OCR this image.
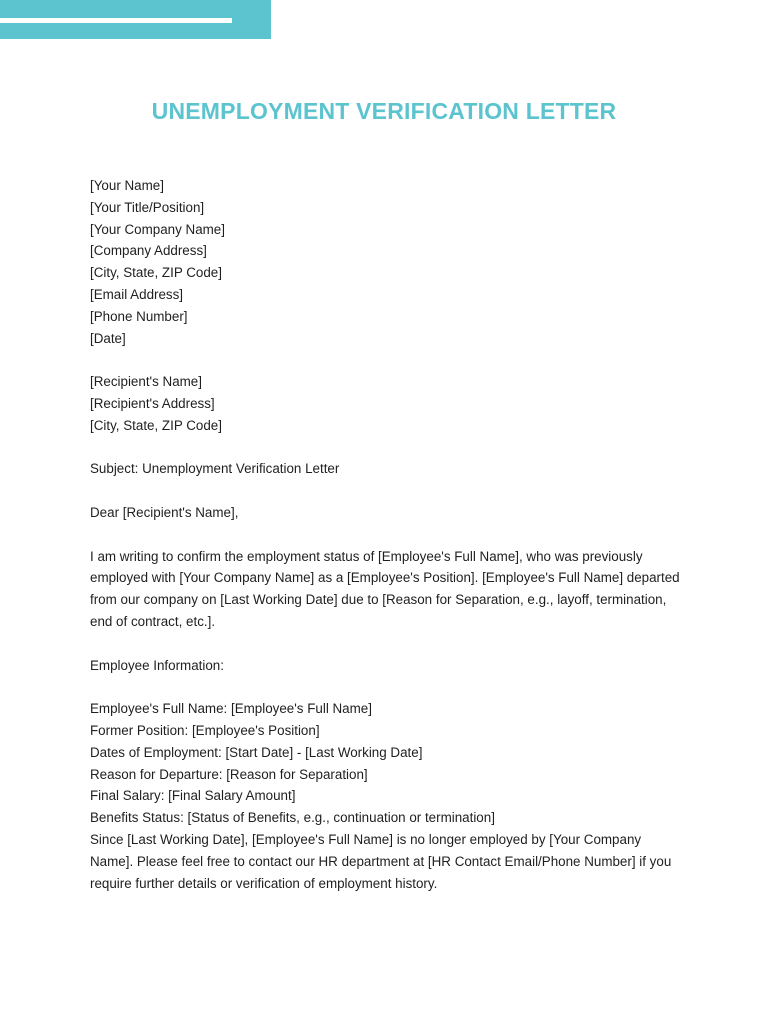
UNEMPLOYMENT VERIFICATION LETTER
[Your Name]
[Your Title/Position]
[Your Company Name]
[Company Address]
[City, State, ZIP Code]
[Email Address]
[Phone Number]
[Date]
[Recipient's Name]
[Recipient's Address]
[City, State, ZIP Code]
Subject: Unemployment Verification Letter
Dear [Recipient's Name],

I am writing to confirm the employment status of [Employee's Full Name], who was previously employed with [Your Company Name] as a [Employee's Position]. [Employee's Full Name] departed from our company on [Last Working Date] due to [Reason for Separation, e.g., layoff, termination, end of contract, etc.].

Employee Information:
Employee's Full Name: [Employee's Full Name]
Former Position: [Employee's Position]
Dates of Employment: [Start Date] - [Last Working Date]
Reason for Departure: [Reason for Separation]
Final Salary: [Final Salary Amount]
Benefits Status: [Status of Benefits, e.g., continuation or termination]

Since [Last Working Date], [Employee's Full Name] is no longer employed by [Your Company Name]. Please feel free to contact our HR department at [HR Contact Email/Phone Number] if you require further details or verification of employment history.
